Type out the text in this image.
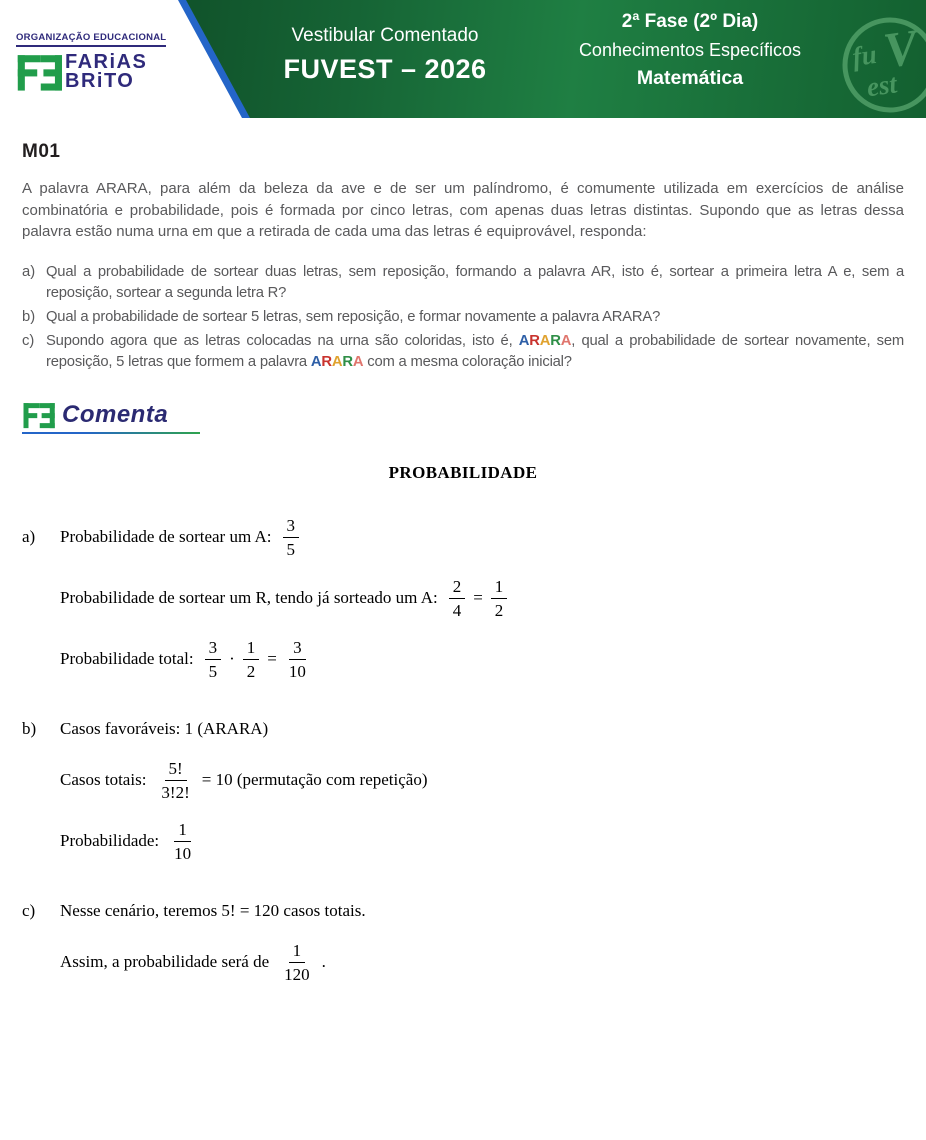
ORGANIZAÇÃO EDUCACIONAL
FARiAS
BRiTO
Vestibular Comentado
FUVEST – 2026
2ª Fase (2º Dia)
Conhecimentos Específicos
Matemática
fu V
est
M01

A palavra ARARA, para além da beleza da ave e de ser um palíndromo, é comumente utilizada em exercícios de análise combinatória e probabilidade, pois é formada por cinco letras, com apenas duas letras distintas. Supondo que as letras dessa palavra estão numa urna em que a retirada de cada uma das letras é equiprovável, responda:

a) Qual a probabilidade de sortear duas letras, sem reposição, formando a palavra AR, isto é, sortear a primeira letra A e, sem a reposição, sortear a segunda letra R?
b) Qual a probabilidade de sortear 5 letras, sem reposição, e formar novamente a palavra ARARA?
c) Supondo agora que as letras colocadas na urna são coloridas, isto é, ARARA, qual a probabilidade de sortear novamente, sem reposição, 5 letras que formem a palavra ARARA com a mesma coloração inicial?
Comenta
PROBABILIDADE
a)	Probabilidade de sortear um A: $\frac{3}{5}$
Probabilidade de sortear um R, tendo já sorteado um A: $\frac{2}{4} = \frac{1}{2}$
Probabilidade total: $\frac{3}{5} \cdot \frac{1}{2} = \frac{3}{10}$
b)	Casos favoráveis: 1 (ARARA)
Casos totais: $\frac{5!}{3!2!} = 10$ (permutação com repetição)
Probabilidade: $\frac{1}{10}$
c)	Nesse cenário, teremos 5! = 120 casos totais.
Assim, a probabilidade será de $\frac{1}{120}$ .
